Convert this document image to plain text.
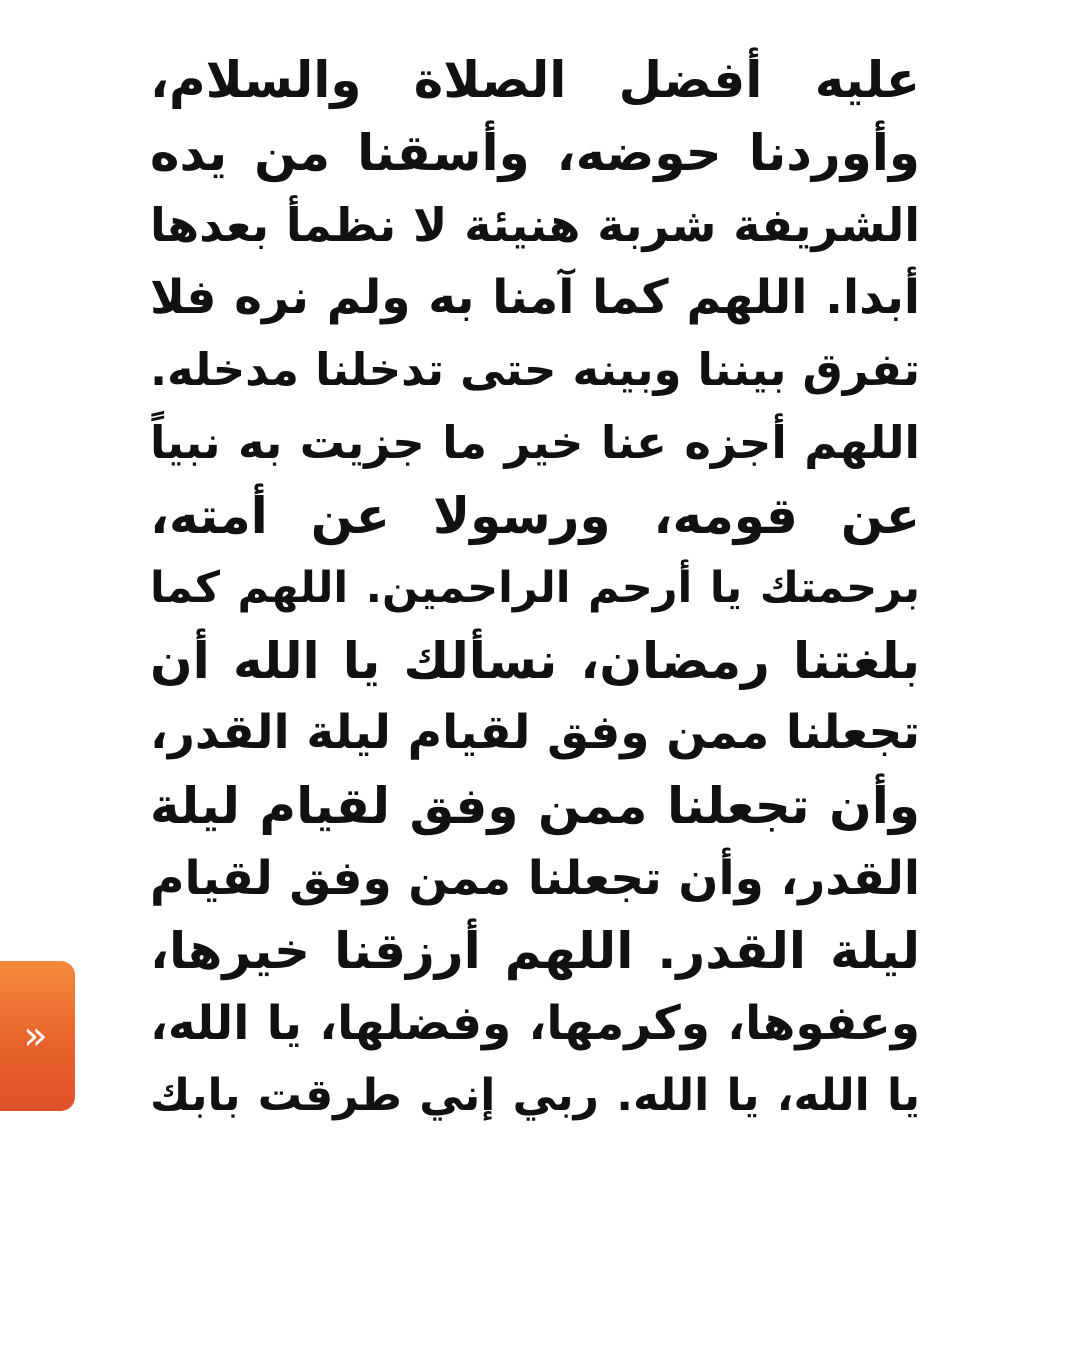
عليه أفضل الصلاة والسلام،
وأوردنا حوضه، وأسقنا من يده
الشريفة شربة هنيئة لا نظمأ بعدها
أبدا. اللهم كما آمنا به ولم نره فلا
تفرق بيننا وبينه حتى تدخلنا مدخله.
اللهم أجزه عنا خير ما جزيت به نبياً
عن قومه، ورسولا عن أمته،
برحمتك يا أرحم الراحمين. اللهم كما
بلغتنا رمضان، نسألك يا الله أن
تجعلنا ممن وفق لقيام ليلة القدر،
وأن تجعلنا ممن وفق لقيام ليلة
القدر، وأن تجعلنا ممن وفق لقيام
ليلة القدر. اللهم أرزقنا خيرها،
وعفوها، وكرمها، وفضلها، يا الله،
يا الله، يا الله. ربي إني طرقت بابك
»
